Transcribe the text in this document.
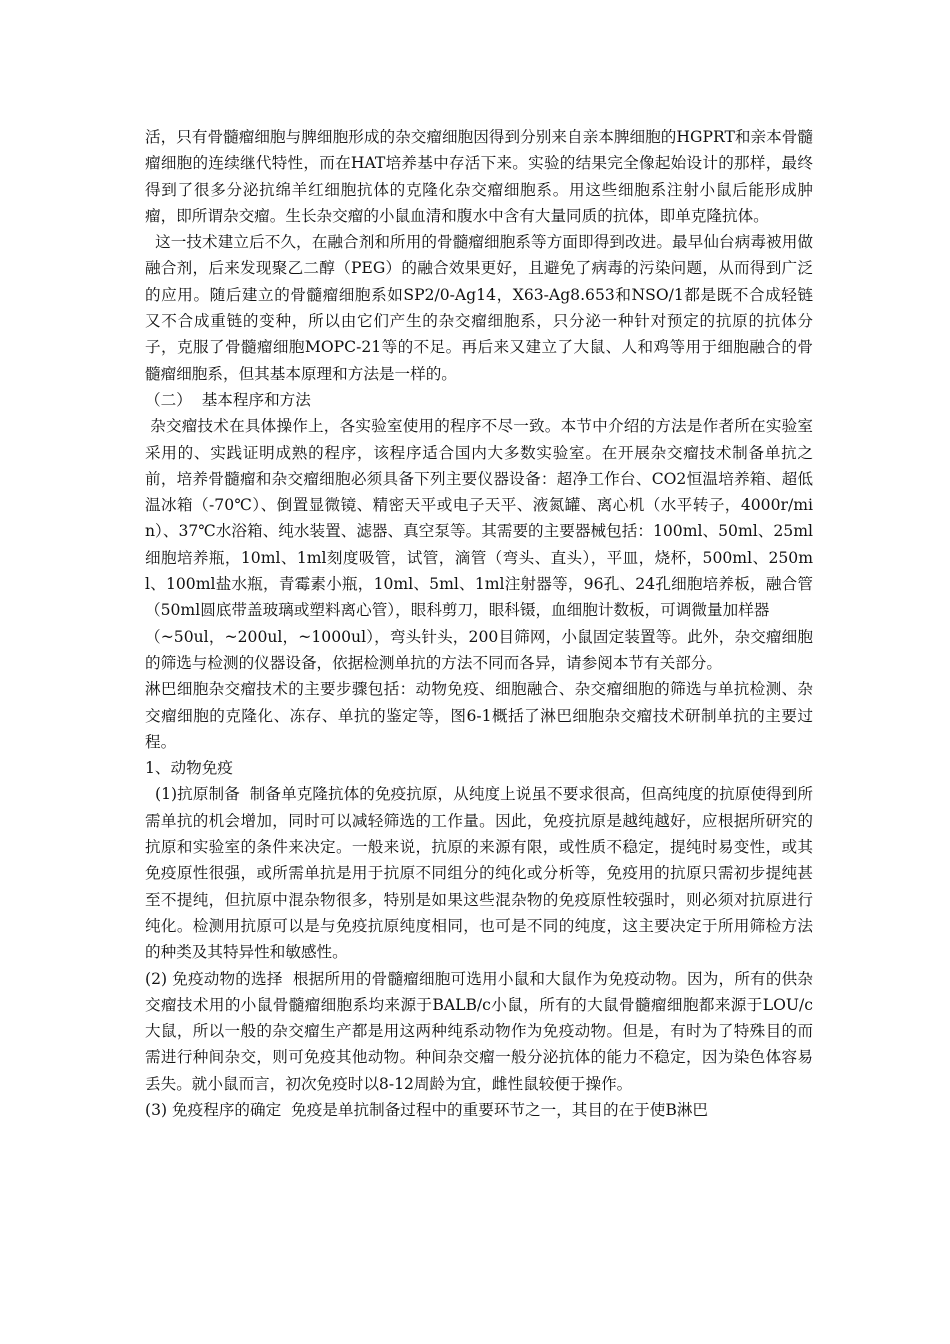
活，只有骨髓瘤细胞与脾细胞形成的杂交瘤细胞因得到分别来自亲本脾细胞的HGPRT和亲本骨髓瘤细胞的连续继代特性，而在HAT培养基中存活下来。实验的结果完全像起始设计的那样，最终得到了很多分泌抗绵羊红细胞抗体的克隆化杂交瘤细胞系。用这些细胞系注射小鼠后能形成肿瘤，即所谓杂交瘤。生长杂交瘤的小鼠血清和腹水中含有大量同质的抗体，即单克隆抗体。

这一技术建立后不久，在融合剂和所用的骨髓瘤细胞系等方面即得到改进。最早仙台病毒被用做融合剂，后来发现聚乙二醇（PEG）的融合效果更好，且避免了病毒的污染问题，从而得到广泛的应用。随后建立的骨髓瘤细胞系如SP2/0-Ag14，X63-Ag8.653和NSO/1都是既不合成轻链又不合成重链的变种，所以由它们产生的杂交瘤细胞系，只分泌一种针对预定的抗原的抗体分子，克服了骨髓瘤细胞MOPC-21等的不足。再后来又建立了大鼠、人和鸡等用于细胞融合的骨髓瘤细胞系，但其基本原理和方法是一样的。

（二）  基本程序和方法

杂交瘤技术在具体操作上，各实验室使用的程序不尽一致。本节中介绍的方法是作者所在实验室采用的、实践证明成熟的程序，该程序适合国内大多数实验室。在开展杂交瘤技术制备单抗之前，培养骨髓瘤和杂交瘤细胞必须具备下列主要仪器设备：超净工作台、CO2恒温培养箱、超低温冰箱（-70℃）、倒置显微镜、精密天平或电子天平、液氮罐、离心机（水平转子，4000r/min）、37℃水浴箱、纯水装置、滤器、真空泵等。其需要的主要器械包括：100ml、50ml、25ml细胞培养瓶，10ml、1ml刻度吸管，试管，滴管（弯头、直头），平皿，烧杯，500ml、250ml、100ml盐水瓶，青霉素小瓶，10ml、5ml、1ml注射器等，96孔、24孔细胞培养板，融合管（50ml圆底带盖玻璃或塑料离心管），眼科剪刀，眼科镊，血细胞计数板，可调微量加样器

（~50ul，~200ul，~1000ul），弯头针头，200目筛网，小鼠固定装置等。此外，杂交瘤细胞的筛选与检测的仪器设备，依据检测单抗的方法不同而各异，请参阅本节有关部分。

淋巴细胞杂交瘤技术的主要步骤包括：动物免疫、细胞融合、杂交瘤细胞的筛选与单抗检测、杂交瘤细胞的克隆化、冻存、单抗的鉴定等，图6-1概括了淋巴细胞杂交瘤技术研制单抗的主要过程。

1、动物免疫

(1)抗原制备  制备单克隆抗体的免疫抗原，从纯度上说虽不要求很高，但高纯度的抗原使得到所需单抗的机会增加，同时可以减轻筛选的工作量。因此，免疫抗原是越纯越好，应根据所研究的抗原和实验室的条件来决定。一般来说，抗原的来源有限，或性质不稳定，提纯时易变性，或其免疫原性很强，或所需单抗是用于抗原不同组分的纯化或分析等，免疫用的抗原只需初步提纯甚至不提纯，但抗原中混杂物很多，特别是如果这些混杂物的免疫原性较强时，则必须对抗原进行纯化。检测用抗原可以是与免疫抗原纯度相同，也可是不同的纯度，这主要决定于所用筛检方法的种类及其特异性和敏感性。

(2) 免疫动物的选择  根据所用的骨髓瘤细胞可选用小鼠和大鼠作为免疫动物。因为，所有的供杂交瘤技术用的小鼠骨髓瘤细胞系均来源于BALB/c小鼠，所有的大鼠骨髓瘤细胞都来源于LOU/c大鼠，所以一般的杂交瘤生产都是用这两种纯系动物作为免疫动物。但是，有时为了特殊目的而需进行种间杂交，则可免疫其他动物。种间杂交瘤一般分泌抗体的能力不稳定，因为染色体容易丢失。就小鼠而言，初次免疫时以8-12周龄为宜，雌性鼠较便于操作。

(3) 免疫程序的确定  免疫是单抗制备过程中的重要环节之一，其目的在于使B淋巴
